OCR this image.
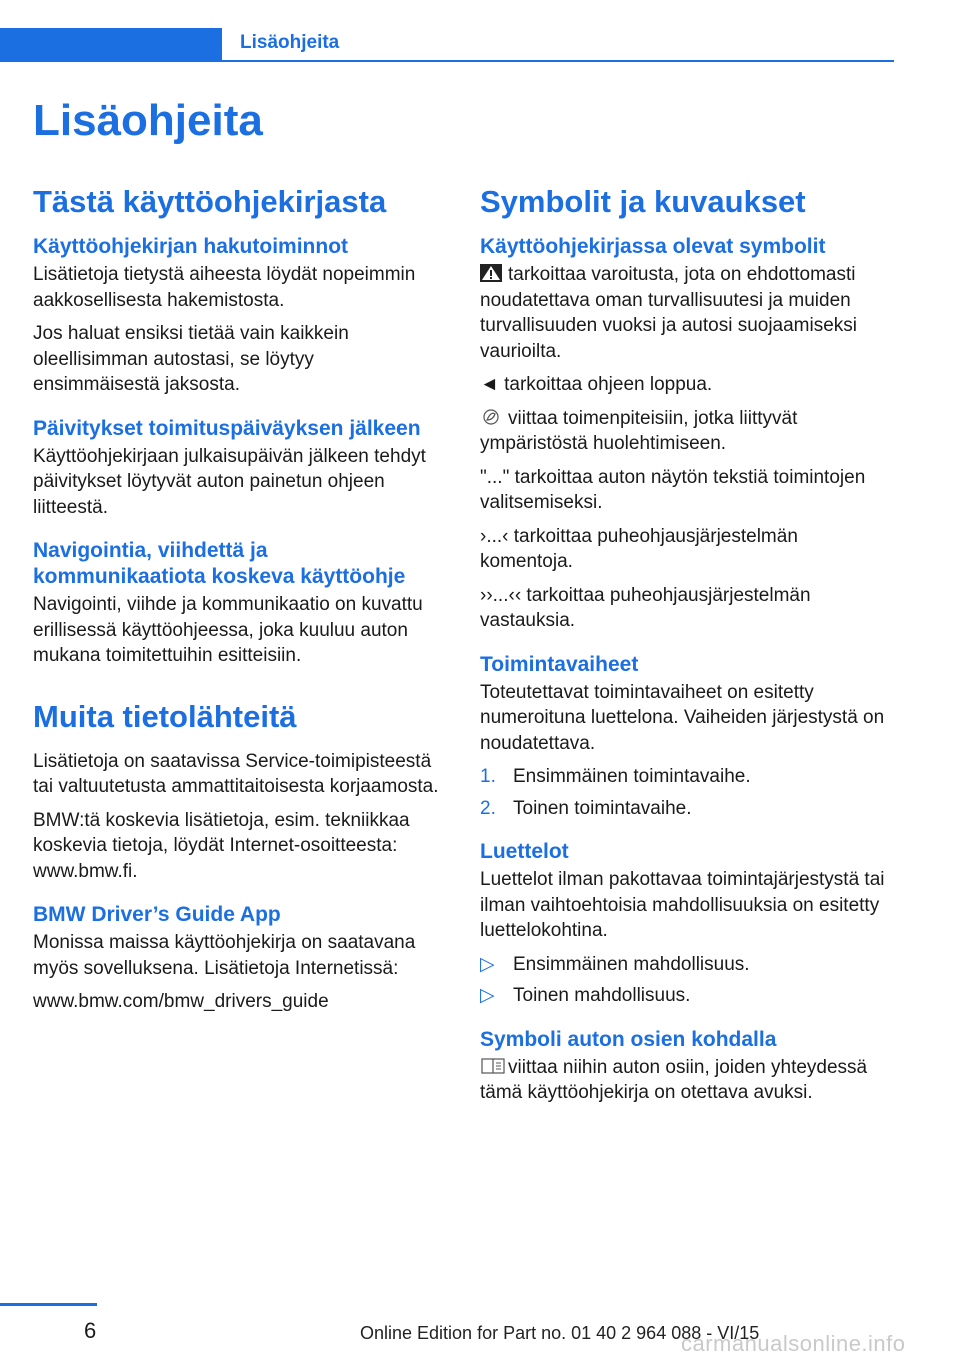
Lisäohjeita
Lisäohjeita
Tästä käyttöohjekirjasta
Käyttöohjekirjan hakutoiminnot

Lisätietoja tietystä aiheesta löydät nopeimmin aakkosellisesta hakemistosta.

Jos haluat ensiksi tietää vain kaikkein oleellisimman autostasi, se löytyy ensimmäisestä jaksosta.

Päivitykset toimituspäiväyksen jälkeen

Käyttöohjekirjaan julkaisupäivän jälkeen tehdyt päivitykset löytyvät auton painetun ohjeen liitteestä.

Navigointia, viihdettä ja kommunikaatiota koskeva käyttöohje

Navigointi, viihde ja kommunikaatio on kuvattu erillisessä käyttöohjeessa, joka kuuluu auton mukana toimitettuihin esitteisiin.

Muita tietolähteitä

Lisätietoja on saatavissa Service-toimipisteestä tai valtuutetusta ammattitaitoisesta korjaamosta.

BMW:tä koskevia lisätietoja, esim. tekniikkaa koskevia tietoja, löydät Internet-osoitteesta: www.bmw.fi.

BMW Driver’s Guide App

Monissa maissa käyttöohjekirja on saatavana myös sovelluksena. Lisätietoja Internetissä:

www.bmw.com/bmw_drivers_guide

Symbolit ja kuvaukset
Käyttöohjekirjassa olevat symbolit

tarkoittaa varoitusta, jota on ehdottomasti noudatettava oman turvallisuutesi ja muiden turvallisuuden vuoksi ja autosi suojaamiseksi vaurioilta.

◄ tarkoittaa ohjeen loppua.

viittaa toimenpiteisiin, jotka liittyvät ympäristöstä huolehtimiseen.

"..." tarkoittaa auton näytön tekstiä toimintojen valitsemiseksi.

›...‹ tarkoittaa puheohjausjärjestelmän komentoja.

››...‹‹ tarkoittaa puheohjausjärjestelmän vastauksia.

Toimintavaiheet

Toteutettavat toimintavaiheet on esitetty numeroituna luettelona. Vaiheiden järjestystä on noudatettava.

1. Ensimmäinen toimintavaihe.
2. Toinen toimintavaihe.
Luettelot

Luettelot ilman pakottavaa toimintajärjestystä tai ilman vaihtoehtoisia mahdollisuuksia on esitetty luettelokohtina.

▷ Ensimmäinen mahdollisuus.
▷ Toinen mahdollisuus.
Symboli auton osien kohdalla

viittaa niihin auton osiin, joiden yhteydessä tämä käyttöohjekirja on otettava avuksi.

6	Online Edition for Part no. 01 40 2 964 088 - VI/15
carmanualsonline.info
